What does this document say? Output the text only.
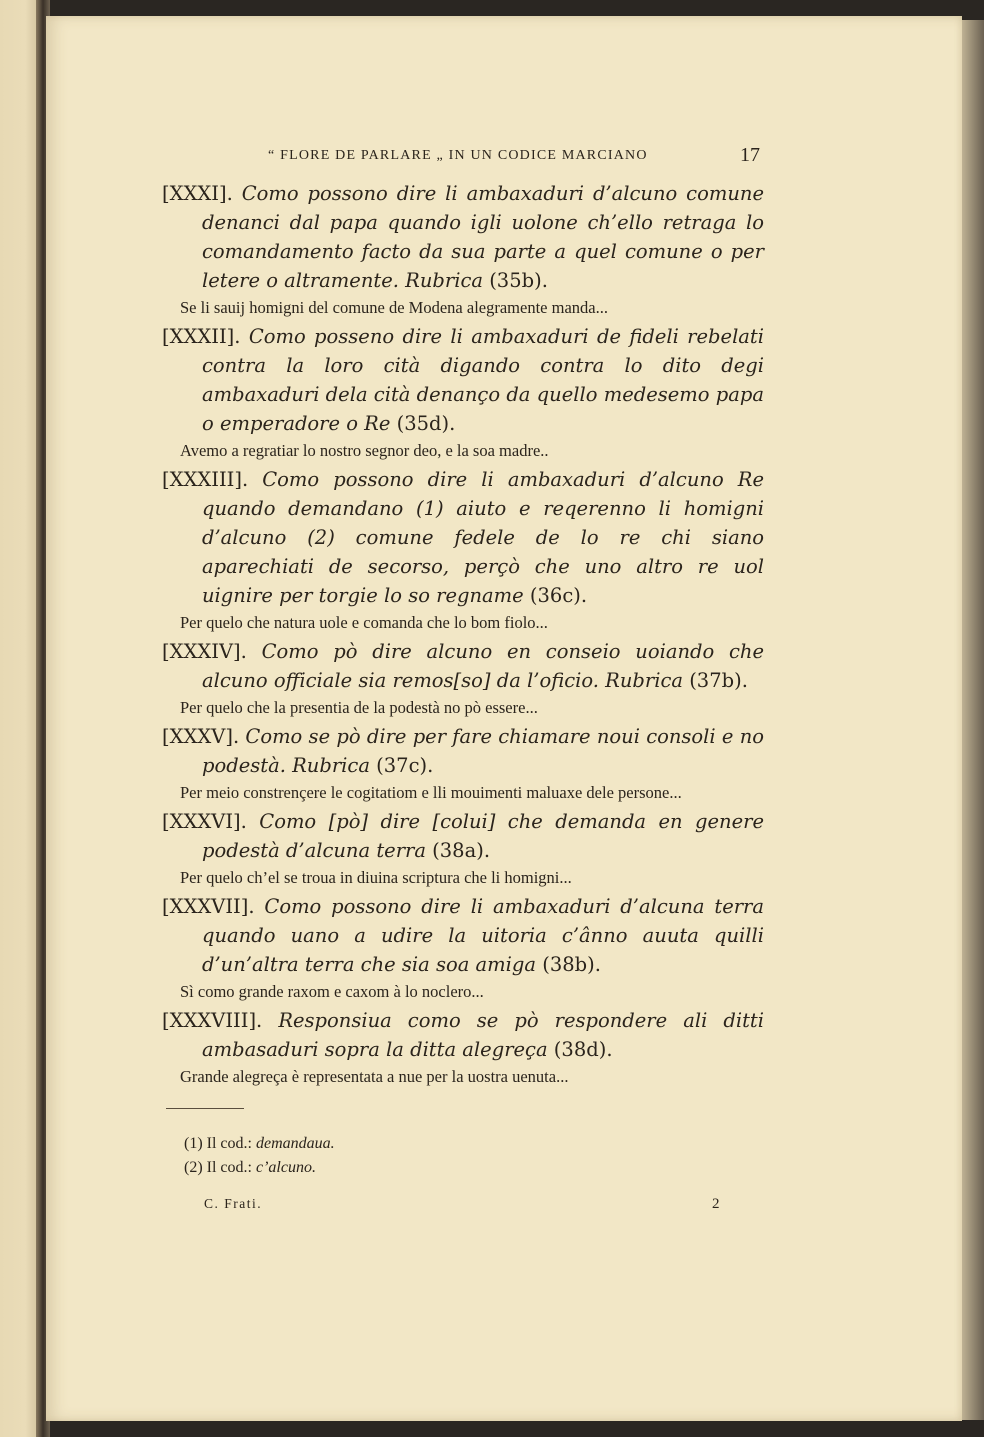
“ FLORE DE PARLARE „ IN UN CODICE MARCIANO	17

[XXXI]. Como possono dire li ambaxaduri d’alcuno comune denanci dal papa quando igli uolone ch’ello retraga lo comandamento facto da sua parte a quel comune o per letere o altramente. Rubrica (35b).

Se li sauij homigni del comune de Modena alegramente manda...

[XXXII]. Como posseno dire li ambaxaduri de fideli rebelati contra la loro cità digando contra lo dito degi ambaxaduri dela cità denanço da quello medesemo papa o emperadore o Re (35d).

Avemo a regratiar lo nostro segnor deo, e la soa madre..

[XXXIII]. Como possono dire li ambaxaduri d’alcuno Re quando demandano (1) aiuto e reqerenno li homigni d’alcuno (2) comune fedele de lo re chi siano aparechiati de secorso, perçò che uno altro re uol uignire per torgie lo so regname (36c).

Per quelo che natura uole e comanda che lo bom fiolo...

[XXXIV]. Como pò dire alcuno en conseio uoiando che alcuno officiale sia remos[so] da l’oficio. Rubrica (37b).

Per quelo che la presentia de la podestà no pò essere...

[XXXV]. Como se pò dire per fare chiamare noui consoli e no podestà. Rubrica (37c).

Per meio constrençere le cogitatiom e lli mouimenti maluaxe dele persone...

[XXXVI]. Como [pò] dire [colui] che demanda en genere podestà d’alcuna terra (38a).

Per quelo ch’el se troua in diuina scriptura che li homigni...

[XXXVII]. Como possono dire li ambaxaduri d’alcuna terra quando uano a udire la uitoria c’ânno auuta quilli d’un’altra terra che sia soa amiga (38b).

Sì como grande raxom e caxom à lo noclero...

[XXXVIII]. Responsiua como se pò respondere ali ditti ambasaduri sopra la ditta alegreça (38d).

Grande alegreça è representata a nue per la uostra uenuta...

(1) Il cod.: demandaua.
(2) Il cod.: c’alcuno.
C. Frati.	2
